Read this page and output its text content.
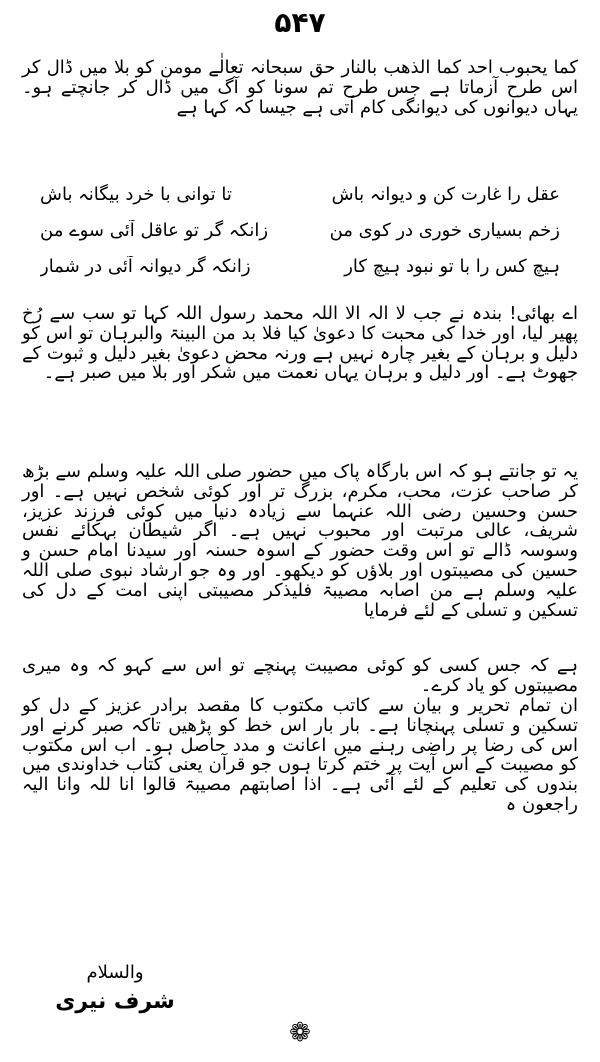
۵۴۷

کما یحبوب احد کما الذھب بالنار حق سبحانہ تعالٰے مومن کو بلا میں ڈال کر اس طرح آزماتا ہے جس طرح تم سونا کو آگ میں ڈال کر جانچتے ہو۔ یہاں دیوانوں کی دیوانگی کام آتی ہے جیسا کہ کہا ہے

عقل را غارت کن و دیوانہ باش
تا توانی با خرد بیگانہ باش
زخم بسیاری خوری در کوی من
زانکہ گر تو عاقل آئی سوے من
ہیچ کس را با تو نبود ہیچ کار
زانکہ گر دیوانہ آئی در شمار

اے بھائی! بندہ نے جب لا الہ الا اللہ محمد رسول اللہ کہا تو سب سے رُخ پھیر لیا، اور خدا کی محبت کا دعویٰ کیا فلا بد من البینۃ والبرہان تو اس کو دلیل و برہان کے بغیر چارہ نہیں ہے ورنہ محض دعویٰ بغیر دلیل و ثبوت کے جھوٹ ہے۔ اور دلیل و برہان یہاں نعمت میں شکر اور بلا میں صبر ہے۔

یہ تو جانتے ہو کہ اس بارگاہ پاک میں حضور صلی اللہ علیہ وسلم سے بڑھ کر صاحب عزت، محب، مکرم، بزرگ تر اور کوئی شخص نہیں ہے۔ اور حسن وحسین رضی اللہ عنہما سے زیادہ دنیا میں کوئی فرزند عزیز، شریف، عالی مرتبت اور محبوب نہیں ہے۔ اگر شیطان بہکائے نفس وسوسہ ڈالے تو اس وقت حضور کے اسوہ حسنہ اور سیدنا امام حسن و حسین کی مصیبتوں اور بلاؤں کو دیکھو۔ اور وہ جو ارشاد نبوی صلی اللہ علیہ وسلم ہے من اصابہ مصیبۃ فلیذکر مصیبتی اپنی امت کے دل کی تسکین و تسلی کے لئے فرمایا

ہے کہ جس کسی کو کوئی مصیبت پہنچے تو اس سے کہو کہ وہ میری مصیبتوں کو یاد کرے۔

ان تمام تحریر و بیان سے کاتب مکتوب کا مقصد برادر عزیز کے دل کو تسکین و تسلی پہنچانا ہے۔ بار بار اس خط کو پڑھیں تاکہ صبر کرنے اور اس کی رضا پر راضی رہنے میں اعانت و مدد حاصل ہو۔ اب اس مکتوب کو مصیبت کے اس آیت پر ختم کرتا ہوں جو قرآن یعنی کتاب خداوندی میں بندوں کی تعلیم کے لئے آئی ہے۔ اذا اصابتھم مصیبۃ قالوا انا للہ وانا الیہ راجعون ہ

والسلام
شرف نیری
❁
